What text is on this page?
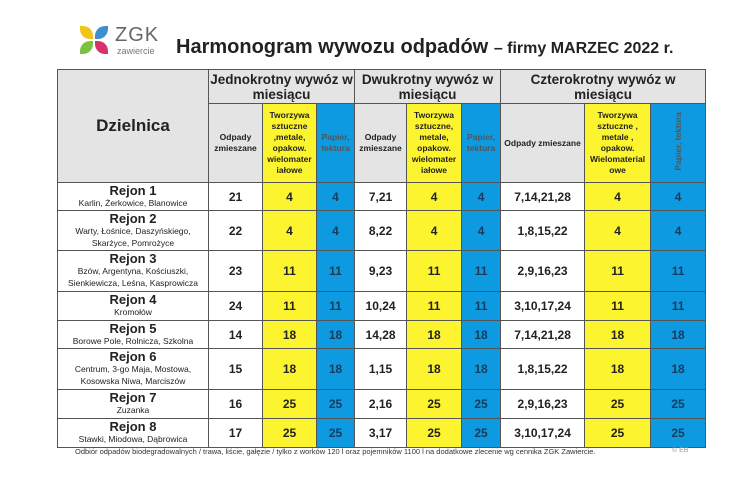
ZGK
zawiercie Harmonogram wywozu odpadów – firmy MARZEC 2022 r.
Dzielnica	Jednokrotny wywóz w miesiącu			Dwukrotny wywóz w miesiącu			Czterokrotny wywóz w miesiącu		
	Odpady zmieszane	Tworzywa sztuczne ,metale, opakow. wielomater iałowe	Papier, tektura	Odpady zmieszane	Tworzywa sztuczne, metale, opakow. wielomater iałowe	Papier, tektura	Odpady zmieszane	Tworzywa sztuczne , metale , opakow. Wielomaterial owe	Papier, tektura

Rejon 1
Karlin, Żerkowice, Blanowice	21	4	4	7,21	4	4	7,14,21,28	4	4

Rejon 2
Warty, Łośnice, Daszyńskiego, Skarżyce, Pomrożyce	22	4	4	8,22	4	4	1,8,15,22	4	4

Rejon 3
Bzów, Argentyna, Kościuszki, Sienkiewicza, Leśna, Kasprowicza	23	11	11	9,23	11	11	2,9,16,23	11	11

Rejon 4
Kromołów	24	11	11	10,24	11	11	3,10,17,24	11	11

Rejon 5
Borowe Pole, Rolnicza, Szkolna	14	18	18	14,28	18	18	7,14,21,28	18	18

Rejon 6
Centrum, 3-go Maja, Mostowa, Kosowska Niwa, Marciszów	15	18	18	1,15	18	18	1,8,15,22	18	18

Rejon 7
Zuzanka	16	25	25	2,16	25	25	2,9,16,23	25	25

Rejon 8
Stawki, Miodowa, Dąbrowica	17	25	25	3,17	25	25	3,10,17,24	25	25
Odbiór odpadów biodegradowalnych / trawa, liście, gałęzie / tylko z worków 120 l oraz pojemników 1100 l na dodatkowe zlecenie wg cennika ZGK Zawiercie.	© EB
